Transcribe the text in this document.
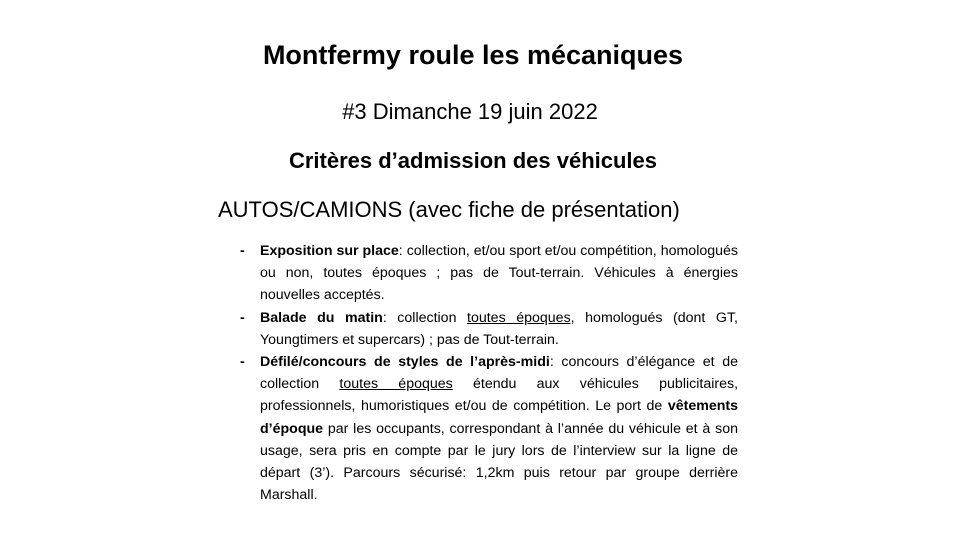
Montfermy roule les mécaniques
#3 Dimanche 19 juin 2022
Critères d’admission des véhicules
AUTOS/CAMIONS (avec fiche de présentation)
- Exposition sur place: collection, et/ou sport et/ou compétition, homologués ou non, toutes époques ; pas de Tout-terrain. Véhicules à énergies nouvelles acceptés.
- Balade du matin: collection toutes époques, homologués (dont GT, Youngtimers et supercars) ; pas de Tout-terrain.
- Défilé/concours de styles de l’après-midi: concours d’élégance et de collection toutes époques étendu aux véhicules publicitaires, professionnels, humoristiques et/ou de compétition. Le port de vêtements d’époque par les occupants, correspondant à l’année du véhicule et à son usage, sera pris en compte par le jury lors de l’interview sur la ligne de départ (3’). Parcours sécurisé: 1,2km puis retour par groupe derrière Marshall.
